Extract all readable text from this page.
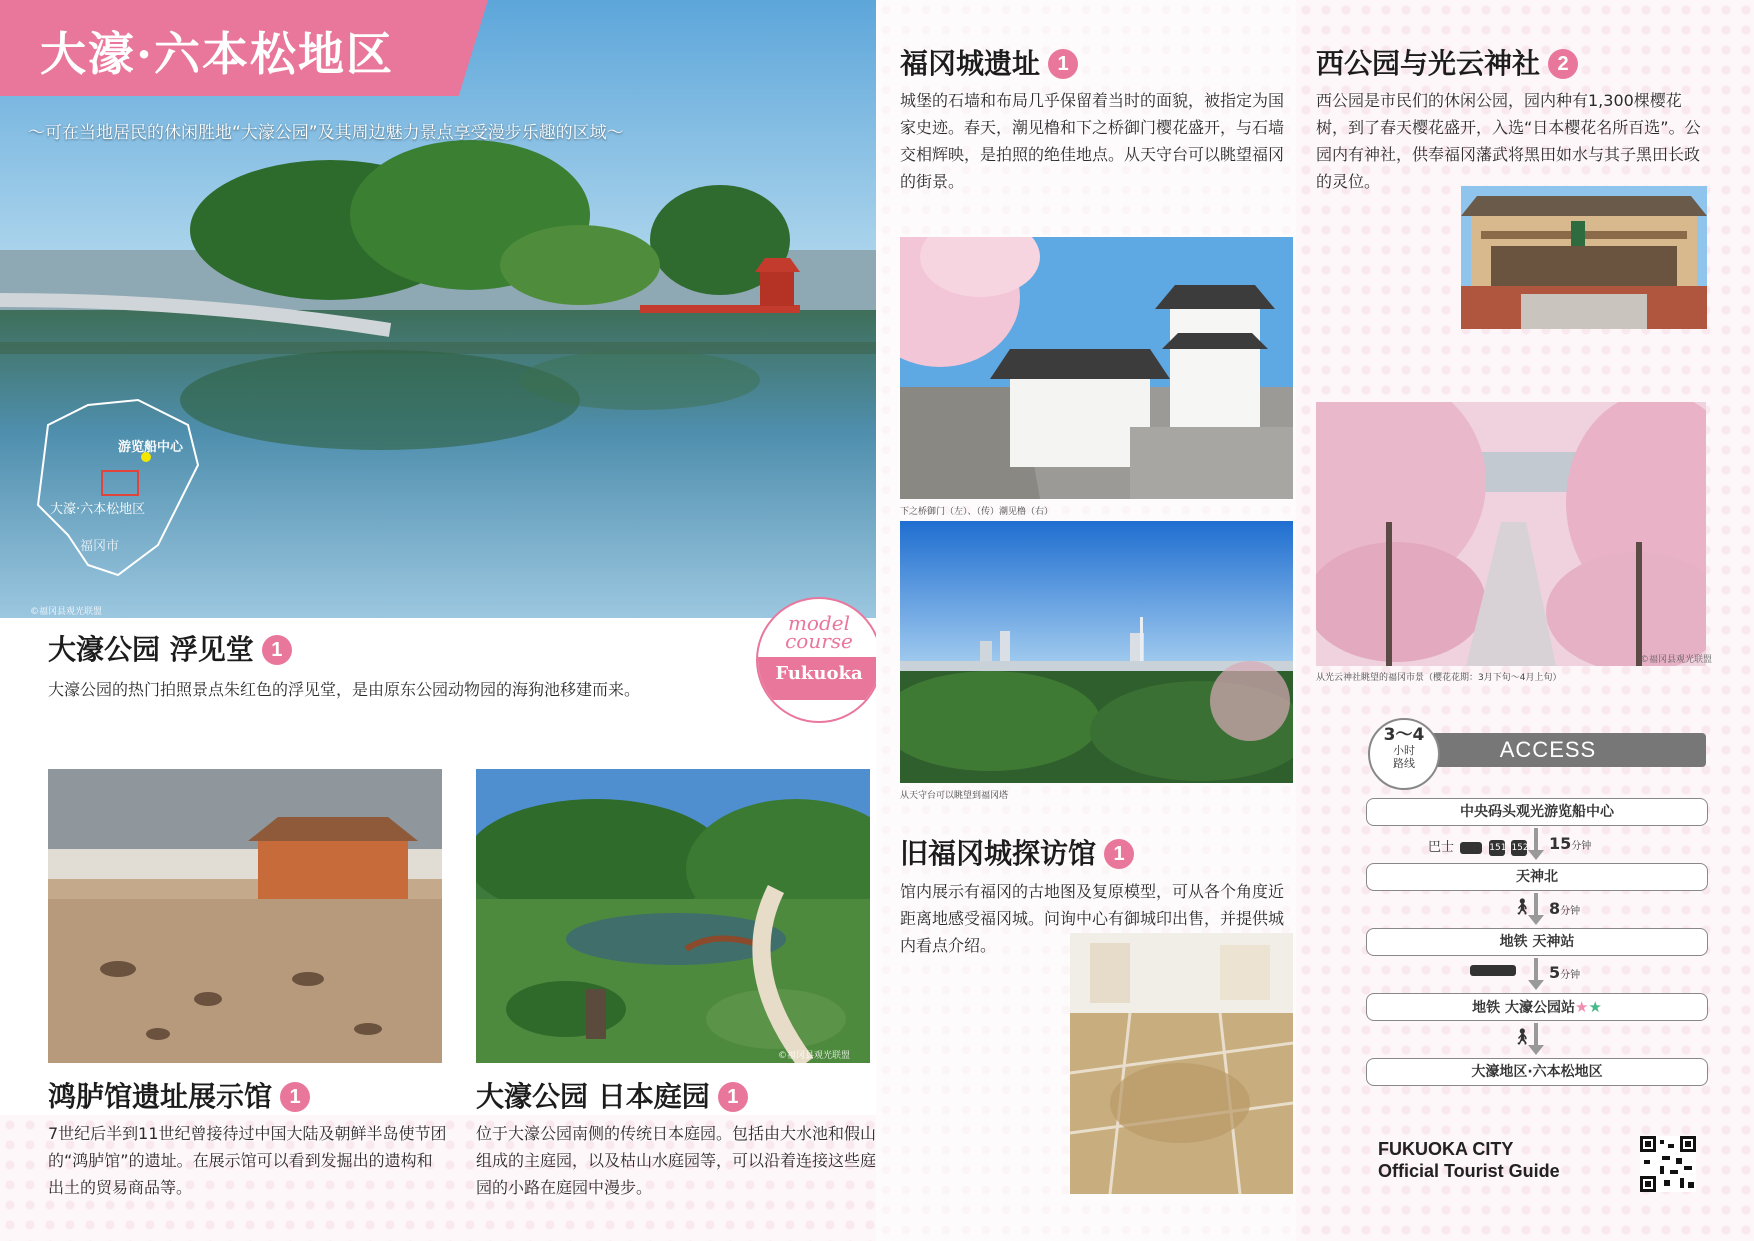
大濠·六本松地区
～可在当地居民的休闲胜地“大濠公园”及其周边魅力景点享受漫步乐趣的区域～
游览船中心
大濠·六本松地区
福冈市
©福冈县观光联盟	model
course
Fukuoka
大濠公园 浮见堂 1
大濠公园的热门拍照景点朱红色的浮见堂，是由原东公园动物园的海狗池移建而来。
©福冈县观光联盟
鸿胪馆遗址展示馆 1
7世纪后半到11世纪曾接待过中国大陆及朝鲜半岛使节团的“鸿胪馆”的遗址。在展示馆可以看到发掘出的遗构和出土的贸易商品等。
大濠公园 日本庭园 1
位于大濠公园南侧的传统日本庭园。包括由大水池和假山组成的主庭园，以及枯山水庭园等，可以沿着连接这些庭园的小路在庭园中漫步。
福冈城遗址 1
城堡的石墙和布局几乎保留着当时的面貌，被指定为国家史迹。春天，潮见橹和下之桥御门樱花盛开，与石墙交相辉映，是拍照的绝佳地点。从天守台可以眺望福冈的街景。
下之桥御门（左）、（传）潮见橹（右）
从天守台可以眺望到福冈塔
旧福冈城探访馆 1
馆内展示有福冈的古地图及复原模型，可从各个角度近距离地感受福冈城。问询中心有御城印出售，并提供城内看点介绍。
西公园与光云神社 2
西公园是市民们的休闲公园，园内种有1,300棵樱花树，到了春天樱花盛开，入选“日本樱花名所百选”。公园内有神社，供奉福冈藩武将黑田如水与其子黑田长政的灵位。
©福冈县观光联盟
从光云神社眺望的福冈市景（樱花花期：3月下旬～4月上旬）
3～4
小时
路线
ACCESS
中央码头观光游览船中心
巴士	151 152 15分钟
天神北
🚶︎ 8分钟
地铁 天神站
5分钟
地铁 大濠公园站★★
🚶︎
大濠地区·六本松地区
FUKUOKA CITY
Official Tourist Guide
